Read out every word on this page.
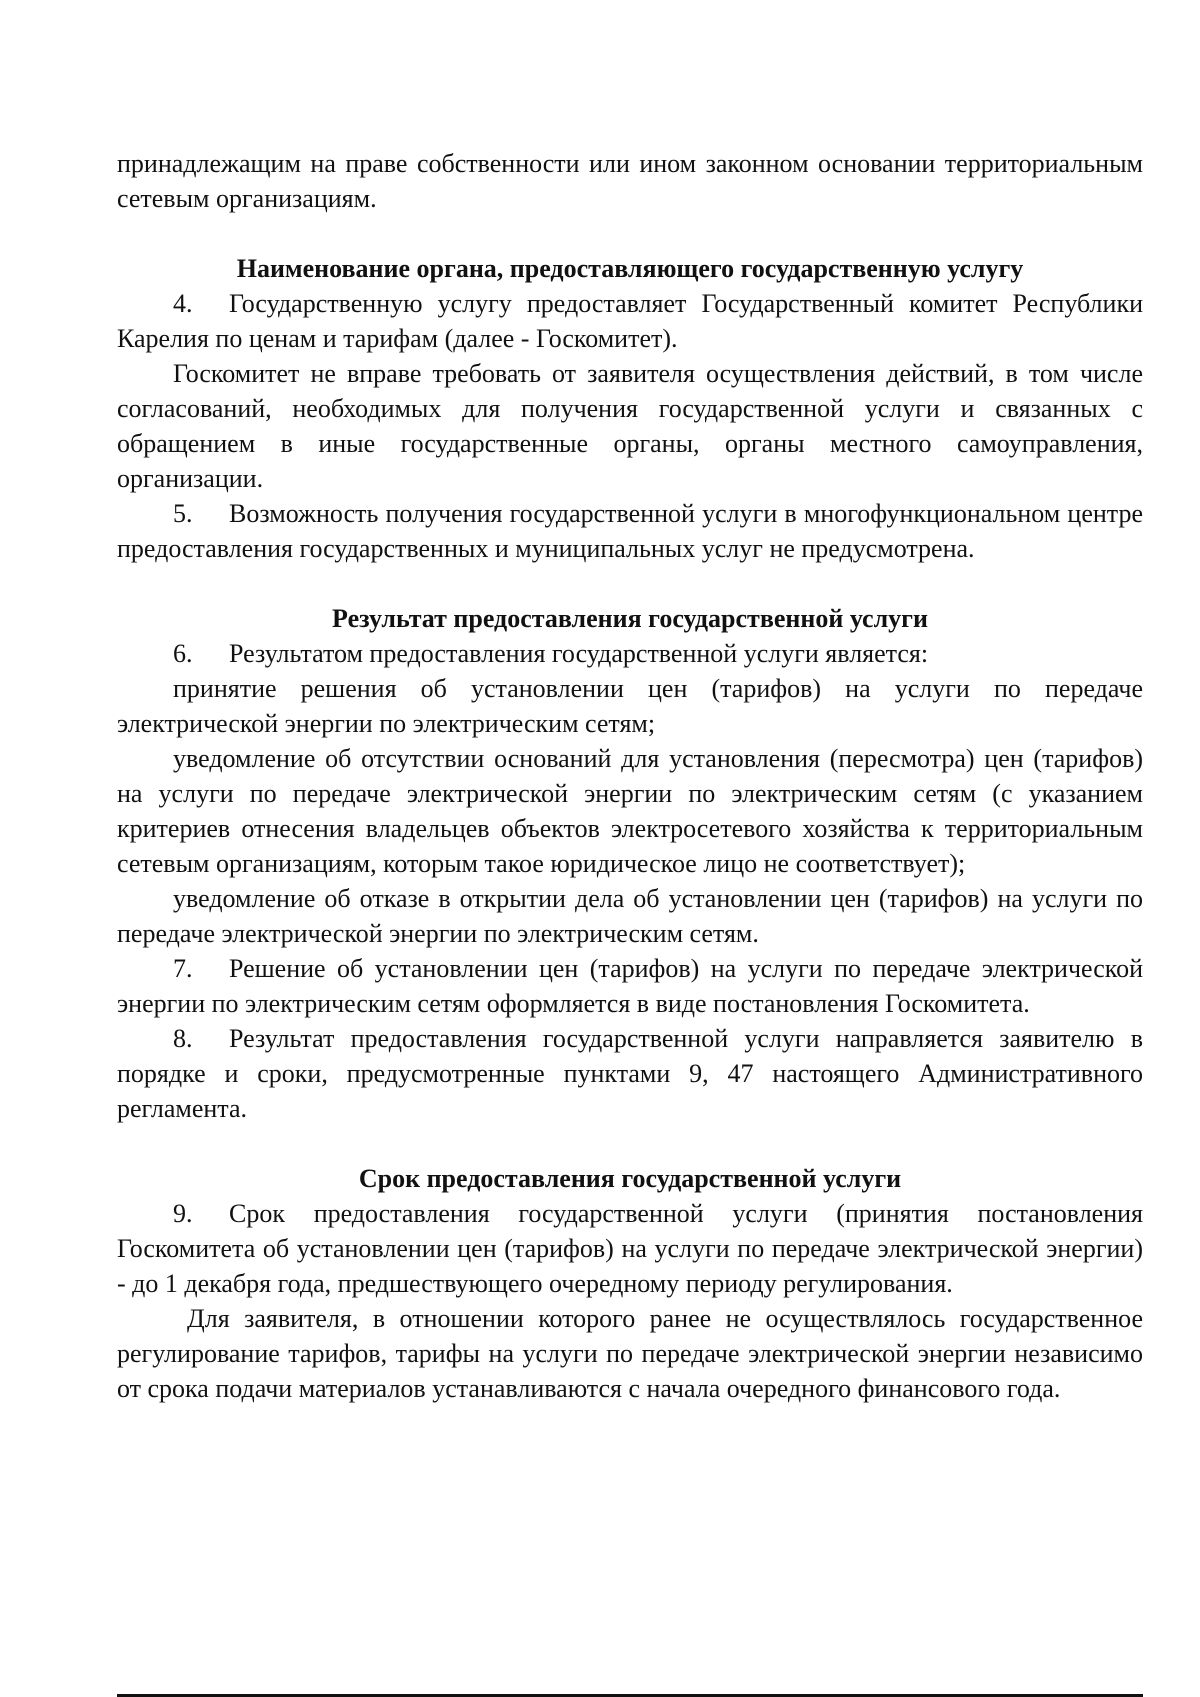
принадлежащим на праве собственности или ином законном основании территориальным сетевым организациям.

Наименование органа, предоставляющего государственную услугу

4. Государственную услугу предоставляет Государственный комитет Республики Карелия по ценам и тарифам (далее - Госкомитет).

Госкомитет не вправе требовать от заявителя осуществления действий, в том числе согласований, необходимых для получения государственной услуги и связанных с обращением в иные государственные органы, органы местного самоуправления, организации.

5. Возможность получения государственной услуги в многофункциональном центре предоставления государственных и муниципальных услуг не предусмотрена.

Результат предоставления государственной услуги

6. Результатом предоставления государственной услуги является:

принятие решения об установлении цен (тарифов) на услуги по передаче электрической энергии по электрическим сетям;

уведомление об отсутствии оснований для установления (пересмотра) цен (тарифов) на услуги по передаче электрической энергии по электрическим сетям (с указанием критериев отнесения владельцев объектов электросетевого хозяйства к территориальным сетевым организациям, которым такое юридическое лицо не соответствует);

уведомление об отказе в открытии дела об установлении цен (тарифов) на услуги по передаче электрической энергии по электрическим сетям.

7. Решение об установлении цен (тарифов) на услуги по передаче электрической энергии по электрическим сетям оформляется в виде постановления Госкомитета.

8. Результат предоставления государственной услуги направляется заявителю в порядке и сроки, предусмотренные пунктами 9, 47 настоящего Административного регламента.

Срок предоставления государственной услуги

9. Срок предоставления государственной услуги (принятия постановления Госкомитета об установлении цен (тарифов) на услуги по передаче электрической энергии) - до 1 декабря года, предшествующего очередному периоду регулирования.

Для заявителя, в отношении которого ранее не осуществлялось государственное регулирование тарифов, тарифы на услуги по передаче электрической энергии независимо от срока подачи материалов устанавливаются с начала очередного финансового года.
